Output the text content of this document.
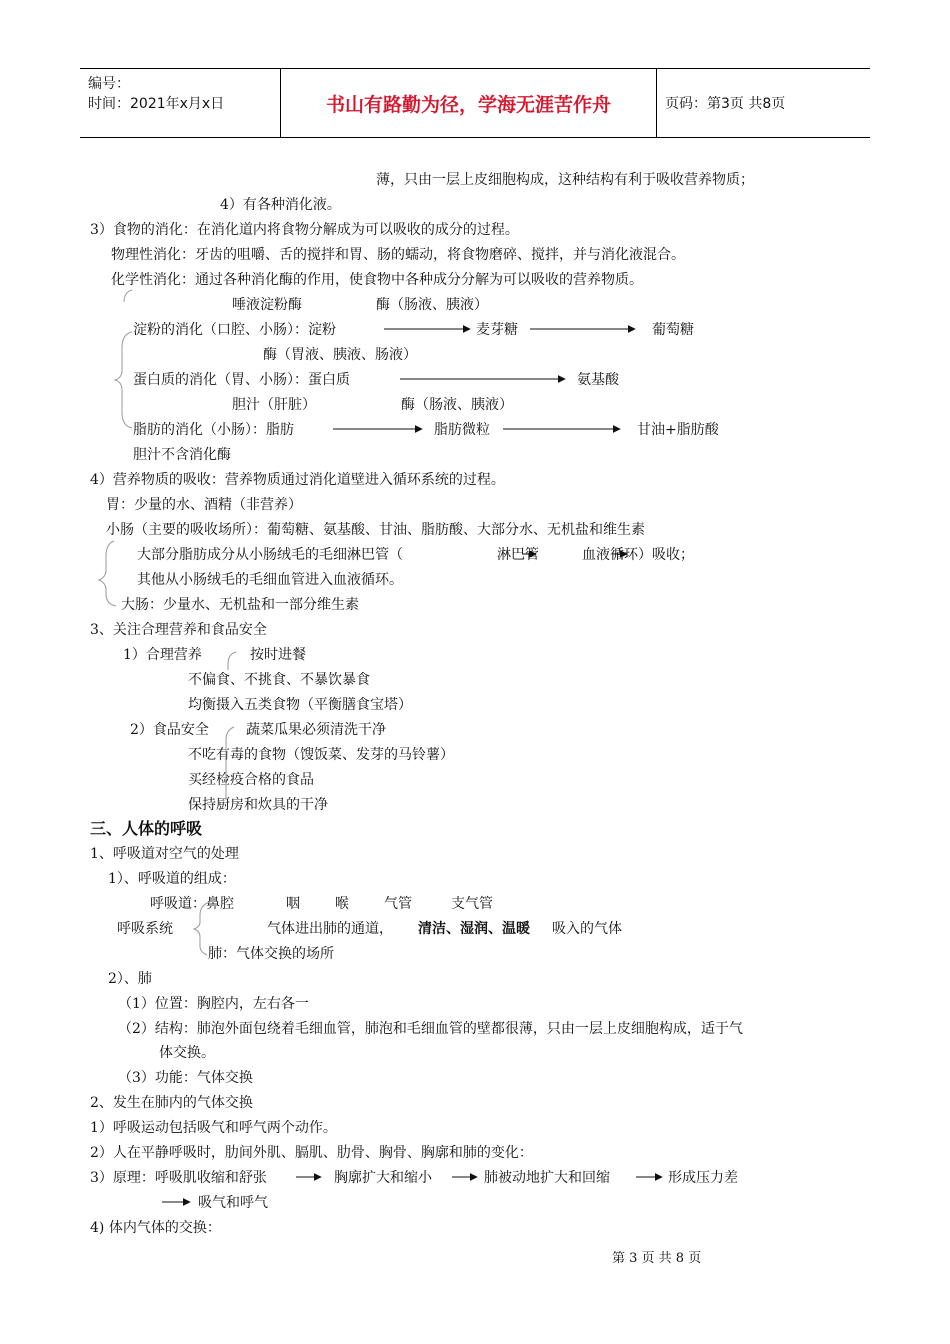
编号：
时间：2021年x月x日	书山有路勤为径，学海无涯苦作舟	页码：第3页 共8页
薄，只由一层上皮细胞构成，这种结构有利于吸收营养物质；
4）有各种消化液。
3）食物的消化：在消化道内将食物分解成为可以吸收的成分的过程。
物理性消化：牙齿的咀嚼、舌的搅拌和胃、肠的蠕动，将食物磨碎、搅拌，并与消化液混合。
化学性消化：通过各种消化酶的作用，使食物中各种成分分解为可以吸收的营养物质。
唾液淀粉酶	酶（肠液、胰液）
淀粉的消化（口腔、小肠）：淀粉	麦芽糖	葡萄糖
酶（胃液、胰液、肠液）
蛋白质的消化（胃、小肠）：蛋白质	氨基酸
胆汁（肝脏）	酶（肠液、胰液）
脂肪的消化（小肠）：脂肪	脂肪微粒	甘油+脂肪酸
胆汁不含消化酶
4）营养物质的吸收：营养物质通过消化道壁进入循环系统的过程。
胃：少量的水、酒精（非营养）
小肠（主要的吸收场所）：葡萄糖、氨基酸、甘油、脂肪酸、大部分水、无机盐和维生素
大部分脂肪成分从小肠绒毛的毛细淋巴管（	淋巴管	血液循环）吸收；
其他从小肠绒毛的毛细血管进入血液循环。
大肠：少量水、无机盐和一部分维生素
3、关注合理营养和食品安全
1）合理营养	按时进餐
不偏食、不挑食、不暴饮暴食
均衡摄入五类食物（平衡膳食宝塔）
2）食品安全	蔬菜瓜果必须清洗干净
不吃有毒的食物（馊饭菜、发芽的马铃薯）
买经检疫合格的食品
保持厨房和炊具的干净
三、人体的呼吸
1、呼吸道对空气的处理
1）、呼吸道的组成：
呼吸道：鼻腔	咽	喉	气管	支气管
呼吸系统	气体进出肺的通道， 清洁、湿润、温暖 吸入的气体
肺：气体交换的场所
2）、肺
（1）位置：胸腔内，左右各一
（2）结构：肺泡外面包绕着毛细血管，肺泡和毛细血管的壁都很薄，只由一层上皮细胞构成，适于气
体交换。
（3）功能：气体交换
2、发生在肺内的气体交换
1）呼吸运动包括吸气和呼气两个动作。
2）人在平静呼吸时，肋间外肌、膈肌、肋骨、胸骨、胸廓和肺的变化：
3）原理：呼吸肌收缩和舒张	胸廓扩大和缩小	肺被动地扩大和回缩	形成压力差
吸气和呼气
4) 体内气体的交换：
第 3 页 共 8 页
